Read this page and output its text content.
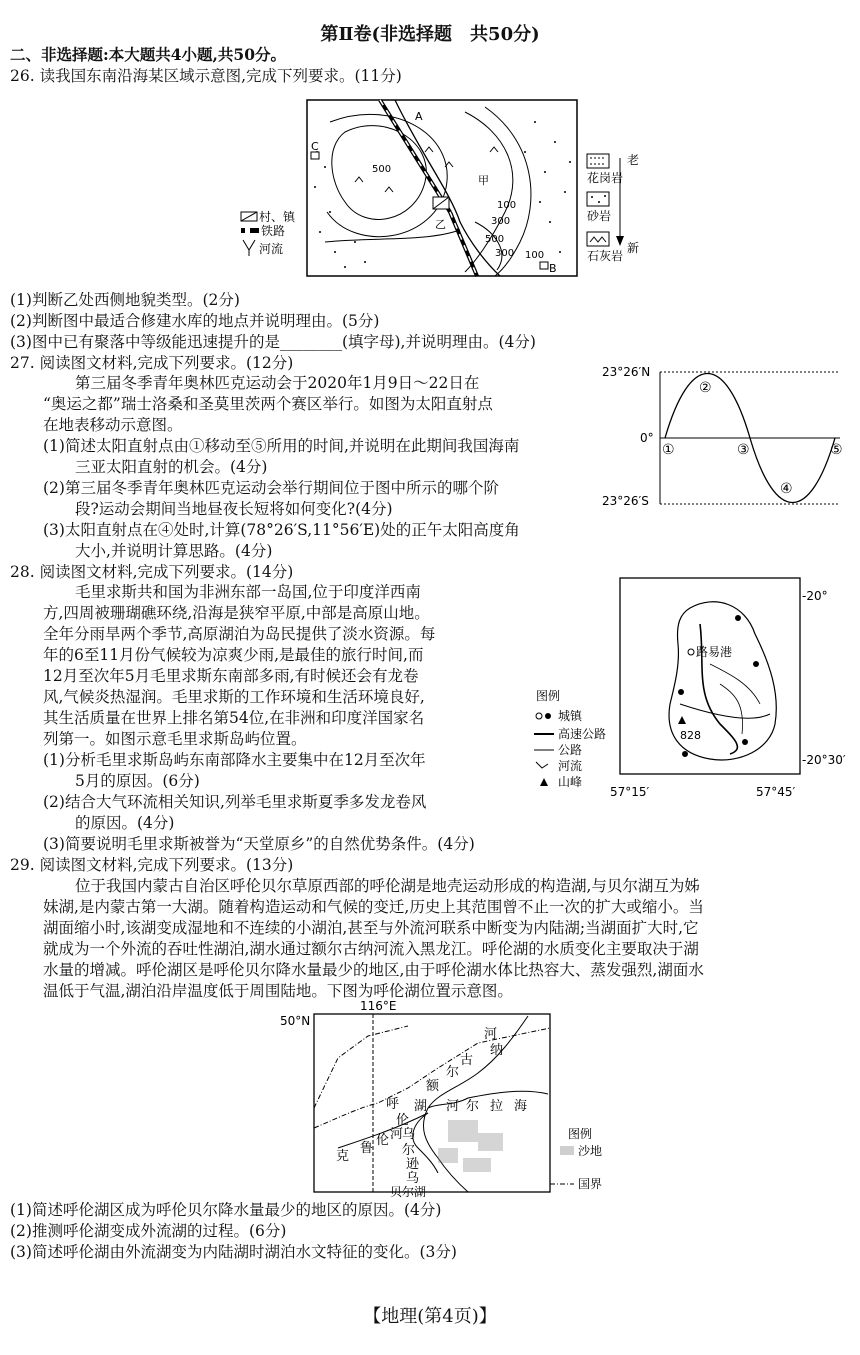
第Ⅱ卷(非选择题　共50分)
二、非选择题:本大题共4小题,共50分。
26. 读我国东南沿海某区域示意图,完成下列要求。(11分)
村、镇
铁路
河流
C
A
B
甲
乙
500
500
300
100
100
300
花岗岩
砂岩
石灰岩
老
新
(1)判断乙处西侧地貌类型。(2分)
(2)判断图中最适合修建水库的地点并说明理由。(5分)
(3)图中已有聚落中等级能迅速提升的是________(填字母),并说明理由。(4分)
27. 阅读图文材料,完成下列要求。(12分)
第三届冬季青年奥林匹克运动会于2020年1月9日～22日在
“奥运之都”瑞士洛桑和圣莫里茨两个赛区举行。如图为太阳直射点
在地表移动示意图。
(1)简述太阳直射点由①移动至⑤所用的时间,并说明在此期间我国海南
三亚太阳直射的机会。(4分)
(2)第三届冬季青年奥林匹克运动会举行期间位于图中所示的哪个阶
段?运动会期间当地昼夜长短将如何变化?(4分)
(3)太阳直射点在④处时,计算(78°26′S,11°56′E)处的正午太阳高度角
大小,并说明计算思路。(4分)
23°26′N
0°
23°26′S
①
②
③
④
⑤
28. 阅读图文材料,完成下列要求。(14分)
毛里求斯共和国为非洲东部一岛国,位于印度洋西南
方,四周被珊瑚礁环绕,沿海是狭窄平原,中部是高原山地。
全年分雨旱两个季节,高原湖泊为岛民提供了淡水资源。每
年的6至11月份气候较为凉爽少雨,是最佳的旅行时间,而
12月至次年5月毛里求斯东南部多雨,有时候还会有龙卷
风,气候炎热湿润。毛里求斯的工作环境和生活环境良好,
其生活质量在世界上排名第54位,在非洲和印度洋国家名
列第一。如图示意毛里求斯岛屿位置。
(1)分析毛里求斯岛屿东南部降水主要集中在12月至次年
5月的原因。(6分)
(2)结合大气环流相关知识,列举毛里求斯夏季多发龙卷风
的原因。(4分)
(3)简要说明毛里求斯被誉为“天堂原乡”的自然优势条件。(4分)
-20°
-20°30′
57°15′	57°45′
路易港
828
图例
城镇
高速公路
公路
河流
山峰
29. 阅读图文材料,完成下列要求。(13分)
位于我国内蒙古自治区呼伦贝尔草原西部的呼伦湖是地壳运动形成的构造湖,与贝尔湖互为姊
妹湖,是内蒙古第一大湖。随着构造运动和气候的变迁,历史上其范围曾不止一次的扩大或缩小。当
湖面缩小时,该湖变成湿地和不连续的小湖泊,甚至与外流河联系中断变为内陆湖;当湖面扩大时,它
就成为一个外流的吞吐性湖泊,湖水通过额尔古纳河流入黑龙江。呼伦湖的水质变化主要取决于湖
水量的增减。呼伦湖区是呼伦贝尔降水量最少的地区,由于呼伦湖水体比热容大、蒸发强烈,湖面水
温低于气温,湖泊沿岸温度低于周围陆地。下图为呼伦湖位置示意图。
116°E
50°N
河
纳
古
尔
额
呼
伦
湖 河 尔 拉 海
克
鲁
伦 河
乌
尔
逊
乌
贝尔湖
图例
沙地
国界
(1)简述呼伦湖区成为呼伦贝尔降水量最少的地区的原因。(4分)
(2)推测呼伦湖变成外流湖的过程。(6分)
(3)简述呼伦湖由外流湖变为内陆湖时湖泊水文特征的变化。(3分)
【地理(第4页)】
